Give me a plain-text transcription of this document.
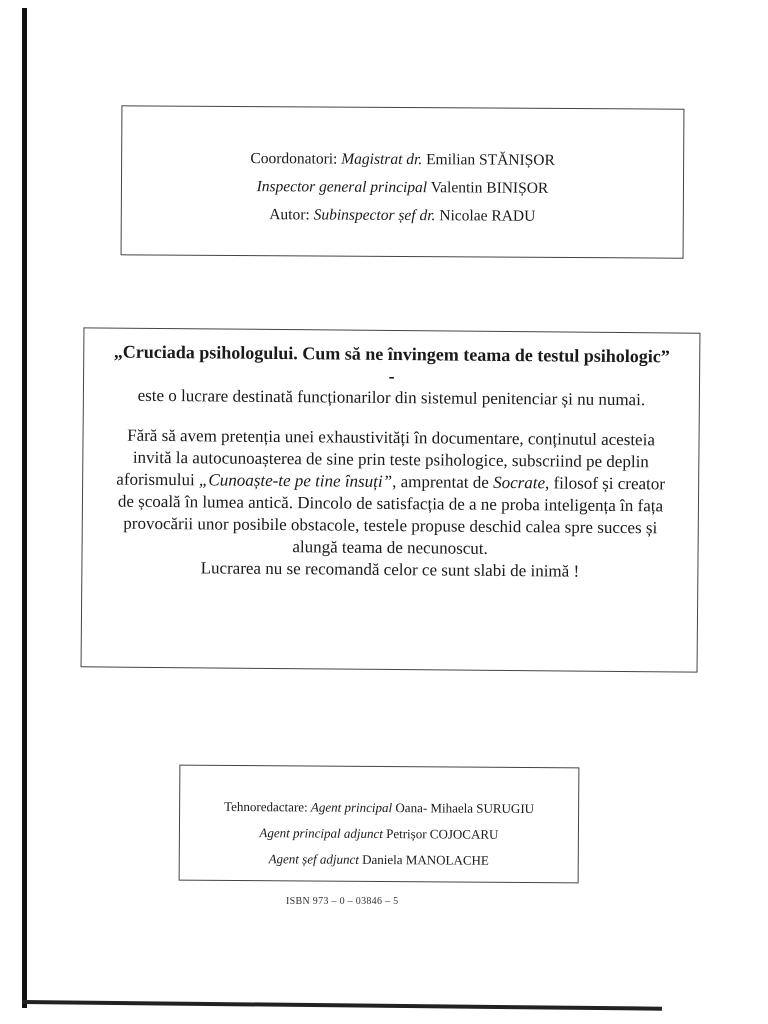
Coordonatori: Magistrat dr. Emilian STĂNIȘOR
Inspector general principal Valentin BINIȘOR
Autor: Subinspector șef dr. Nicolae RADU
„Cruciada psihologului. Cum să ne învingem teama de testul psihologic” -

este o lucrare destinată funcționarilor din sistemul penitenciar și nu numai.

Fără să avem pretenția unei exhaustivități în documentare, conținutul acesteia invită la autocunoașterea de sine prin teste psihologice, subscriind pe deplin aforismului „Cunoaște-te pe tine însuți”, amprentat de Socrate, filosof și creator de școală în lumea antică. Dincolo de satisfacția de a ne proba inteligența în fața provocării unor posibile obstacole, testele propuse deschid calea spre succes și alungă teama de necunoscut.

Lucrarea nu se recomandă celor ce sunt slabi de inimă !

Tehnoredactare: Agent principal Oana- Mihaela SURUGIU
Agent principal adjunct Petrișor COJOCARU
Agent șef adjunct Daniela MANOLACHE
ISBN 973 – 0 – 03846 – 5
